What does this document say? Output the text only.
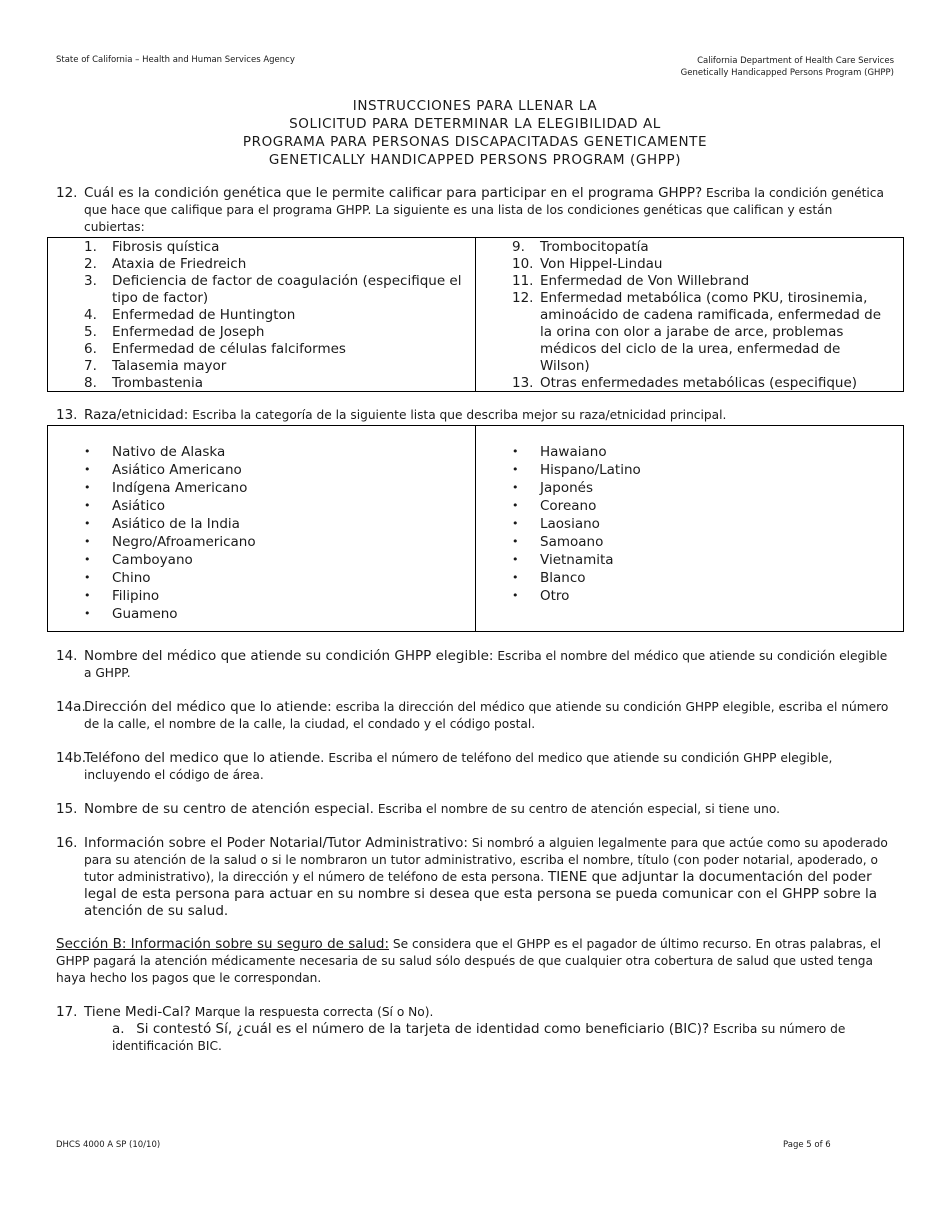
State of California – Health and Human Services Agency	California Department of Health Care Services
Genetically Handicapped Persons Program (GHPP)
INSTRUCCIONES PARA LLENAR LA
SOLICITUD PARA DETERMINAR LA ELEGIBILIDAD AL
PROGRAMA PARA PERSONAS DISCAPACITADAS GENETICAMENTE
GENETICALLY HANDICAPPED PERSONS PROGRAM (GHPP)
12. Cuál es la condición genética que le permite calificar para participar en el programa GHPP? Escriba la condición genética que hace que califique para el programa GHPP. La siguiente es una lista de los condiciones genéticas que califican y están cubiertas:
1. Fibrosis quística
2. Ataxia de Friedreich
3. Deficiencia de factor de coagulación (especifique el tipo de factor)
4. Enfermedad de Huntington
5. Enfermedad de Joseph
6. Enfermedad de células falciformes
7. Talasemia mayor
8. Trombastenia
9. Trombocitopatía
10. Von Hippel-Lindau
11. Enfermedad de Von Willebrand
12. Enfermedad metabólica (como PKU, tirosinemia, aminoácido de cadena ramificada, enfermedad de la orina con olor a jarabe de arce, problemas médicos del ciclo de la urea, enfermedad de Wilson)
13. Otras enfermedades metabólicas (especifique)
13. Raza/etnicidad: Escriba la categoría de la siguiente lista que describa mejor su raza/etnicidad principal.
• Nativo de Alaska
• Asiático Americano
• Indígena Americano
• Asiático
• Asiático de la India
• Negro/Afroamericano
• Camboyano
• Chino
• Filipino
• Guameno
• Hawaiano
• Hispano/Latino
• Japonés
• Coreano
• Laosiano
• Samoano
• Vietnamita
• Blanco
• Otro
14. Nombre del médico que atiende su condición GHPP elegible: Escriba el nombre del médico que atiende su condición elegible a GHPP.
14a.
Dirección del médico que lo atiende: escriba la dirección del médico que atiende su condición GHPP elegible, escriba el número de la calle, el nombre de la calle, la ciudad, el condado y el código postal.
14b.
Teléfono del medico que lo atiende. Escriba el número de teléfono del medico que atiende su condición GHPP elegible, incluyendo el código de área.
15. Nombre de su centro de atención especial. Escriba el nombre de su centro de atención especial, si tiene uno.
16. Información sobre el Poder Notarial/Tutor Administrativo: Si nombró a alguien legalmente para que actúe como su apoderado para su atención de la salud o si le nombraron un tutor administrativo, escriba el nombre, título (con poder notarial, apoderado, o tutor administrativo), la dirección y el número de teléfono de esta persona. TIENE que adjuntar la documentación del poder legal de esta persona para actuar en su nombre si desea que esta persona se pueda comunicar con el GHPP sobre la atención de su salud.
Sección B: Información sobre su seguro de salud: Se considera que el GHPP es el pagador de último recurso. En otras palabras, el GHPP pagará la atención médicamente necesaria de su salud sólo después de que cualquier otra cobertura de salud que usted tenga haya hecho los pagos que le correspondan.
17. Tiene Medi-Cal? Marque la respuesta correcta (Sí o No).
a. Si contestó Sí, ¿cuál es el número de la tarjeta de identidad como beneficiario (BIC)? Escriba su número de identificación BIC.
DHCS 4000 A SP (10/10)	Page 5 of 6
